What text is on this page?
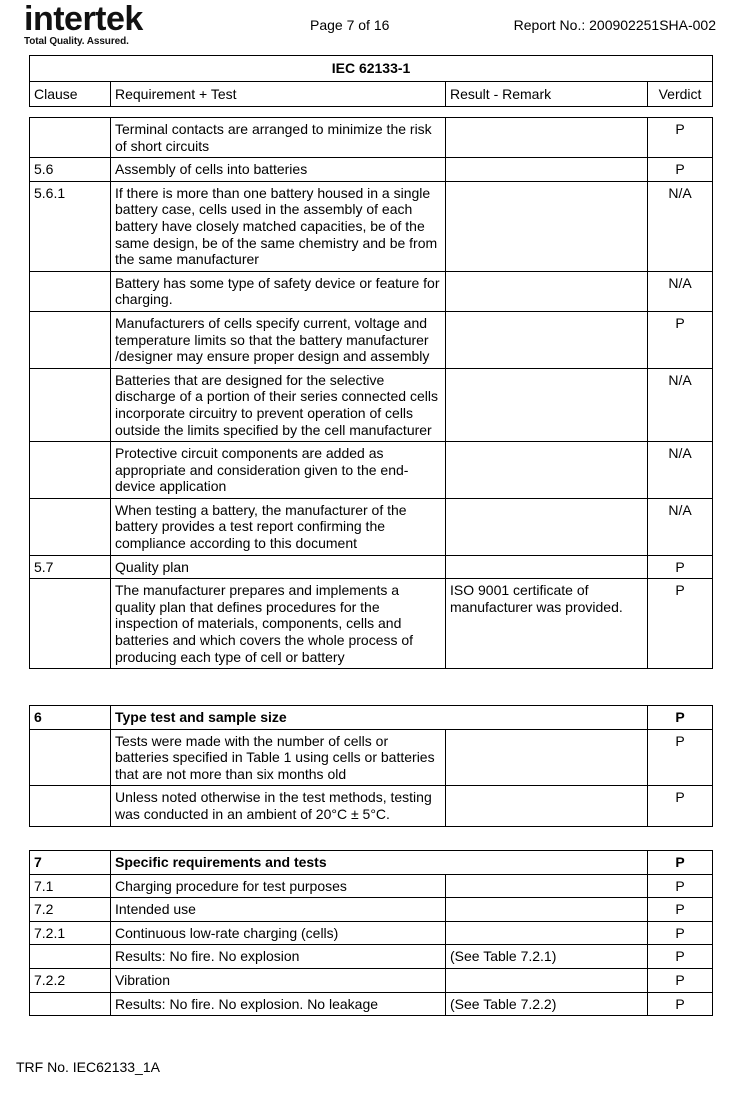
intertek
Total Quality. Assured.
Page 7 of 16	Report No.: 200902251SHA-002
IEC 62133-1
Clause	Requirement + Test	Result - Remark	Verdict
	Terminal contacts are arranged to minimize the risk of short circuits		P
5.6	Assembly of cells into batteries		P
5.6.1	If there is more than one battery housed in a single battery case, cells used in the assembly of each battery have closely matched capacities, be of the same design, be of the same chemistry and be from the same manufacturer		N/A
	Battery has some type of safety device or feature for charging.		N/A
	Manufacturers of cells specify current, voltage and temperature limits so that the battery manufacturer /designer may ensure proper design and assembly		P
	Batteries that are designed for the selective discharge of a portion of their series connected cells incorporate circuitry to prevent operation of cells outside the limits specified by the cell manufacturer		N/A
	Protective circuit components are added as appropriate and consideration given to the end-device application		N/A
	When testing a battery, the manufacturer of the battery provides a test report confirming the compliance according to this document		N/A
5.7	Quality plan		P
	The manufacturer prepares and implements a quality plan that defines procedures for the inspection of materials, components, cells and batteries and which covers the whole process of producing each type of cell or battery	ISO 9001 certificate of manufacturer was provided.	P
6	Type test and sample size		P
	Tests were made with the number of cells or batteries specified in Table 1 using cells or batteries that are not more than six months old		P
	Unless noted otherwise in the test methods, testing was conducted in an ambient of 20°C ± 5°C.		P
7	Specific requirements and tests		P
7.1	Charging procedure for test purposes		P
7.2	Intended use		P
7.2.1	Continuous low-rate charging (cells)		P
	Results: No fire. No explosion	(See Table 7.2.1)	P
7.2.2	Vibration		P
	Results: No fire. No explosion. No leakage	(See Table 7.2.2)	P
TRF No. IEC62133_1A
